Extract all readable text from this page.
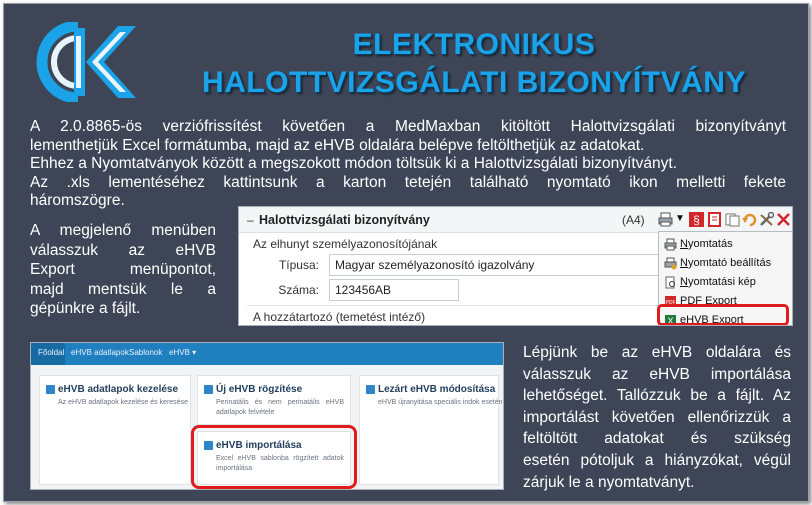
ELEKTRONIKUS
HALOTTVIZSGÁLATI BIZONYÍTVÁNY
A 2.0.8865-ös verziófrissítést követően a MedMaxban kitöltött Halottvizsgálati bizonyítványt
lementhetjük Excel formátumba, majd az eHVB oldalára belépve feltölthetjük az adatokat.
Ehhez a Nyomtatványok között a megszokott módon töltsük ki a Halottvizsgálati bizonyítványt.
Az .xls lementéséhez kattintsunk a karton tetején található nyomtató ikon melletti fekete
háromszögre.
A megjelenő menüben
válasszuk az eHVB
Export menüpontot,
majd mentsük le a
gépünkre a fájlt.
– Halottvizsgálati bizonyítvány	(A4)	▼ §
Az elhunyt személyazonosítójának
Típusa:	Magyar személyazonosító igazolvány
Száma:	123456AB
A hozzátartozó (temetést intéző)
Nyomtatás
Nyomtató beállítás
Nyomtatási kép
PDF PDF Export
X eHVB Export
Főoldal eHVB adatlapok Sablonok eHVB ▾
eHVB adatlapok kezelése
Az eHVB adatlapok kezelése és keresése
Új eHVB rögzítése
Perinatális és nem perinatális eHVB
adatlapok felvétele
Lezárt eHVB módosítása
eHVB újranyitása speciális indok esetén
eHVB importálása
Excel eHVB sablonba rögzített adatok
importálása
Lépjünk be az eHVB oldalára és
válasszuk az eHVB importálása
lehetőséget. Tallózzuk be a fájlt. Az
importálást követően ellenőrizzük a
feltöltött adatokat és szükség
esetén pótoljuk a hiányzókat, végül
zárjuk le a nyomtatványt.
